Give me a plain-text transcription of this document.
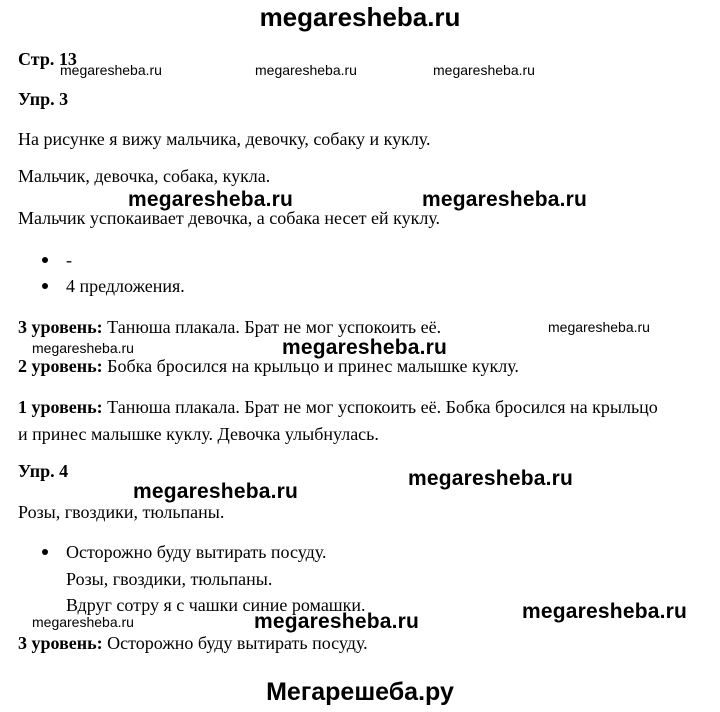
megaresheba.ru
Стр. 13
megaresheba.ru	megaresheba.ru	megaresheba.ru
Упр. 3
На рисунке я вижу мальчика, девочку, собаку и куклу.
Мальчик, девочка, собака, кукла.
megaresheba.ru	megaresheba.ru
Мальчик успокаивает девочка, а собака несет ей куклу.
-
4 предложения.
3 уровень: Танюша плакала. Брат не мог успокоить её.	megaresheba.ru
megaresheba.ru	megaresheba.ru
2 уровень: Бобка бросился на крыльцо и принес малышке куклу.
1 уровень: Танюша плакала. Брат не мог успокоить её. Бобка бросился на крыльцо
и принес малышке куклу. Девочка улыбнулась.
Упр. 4	megaresheba.ru
megaresheba.ru
Розы, гвоздики, тюльпаны.
Осторожно буду вытирать посуду.
Розы, гвоздики, тюльпаны.
Вдруг сотру я с чашки синие ромашки.	megaresheba.ru
megaresheba.ru	megaresheba.ru
3 уровень: Осторожно буду вытирать посуду.
Мегарешеба.ру
